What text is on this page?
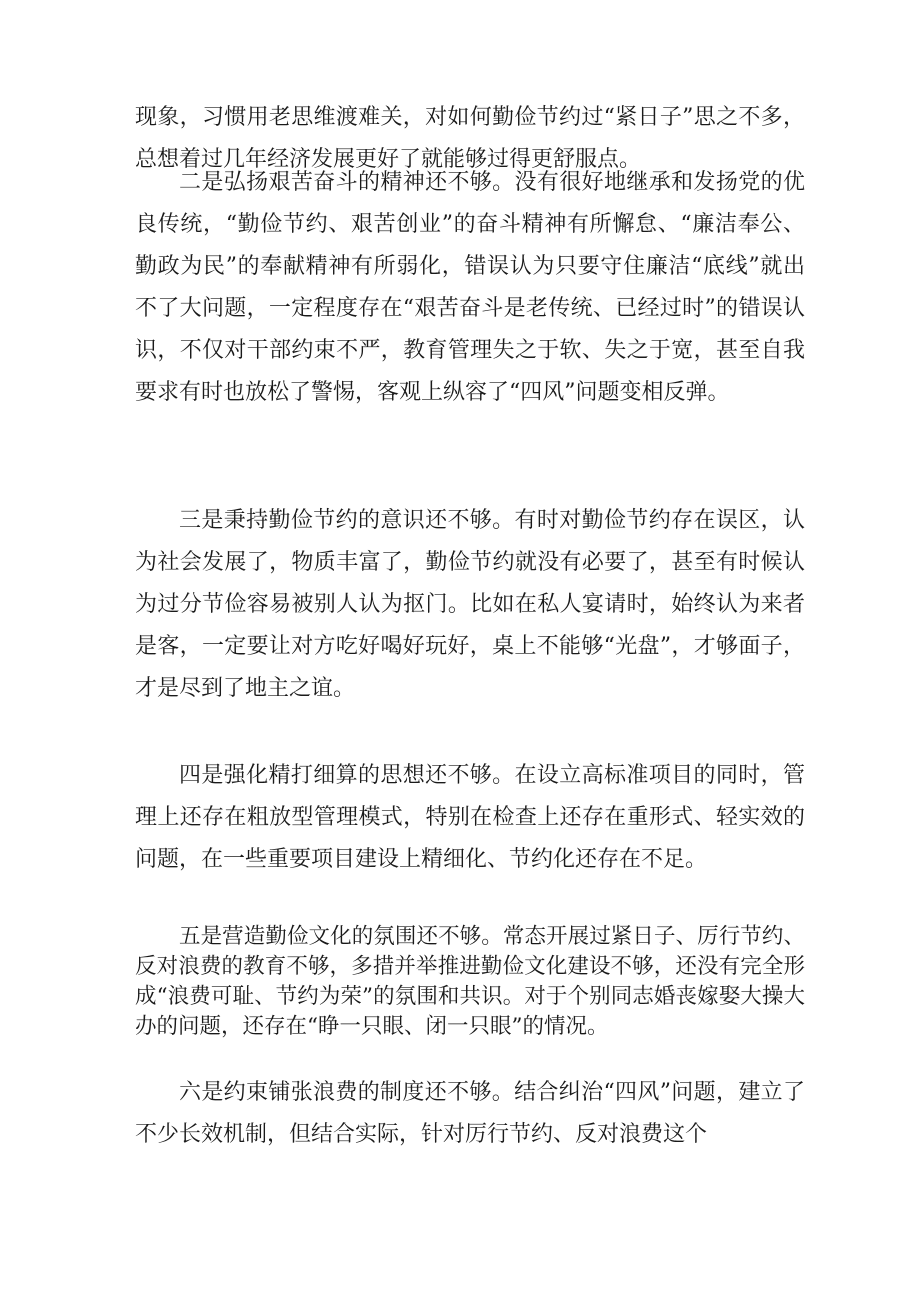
现象，习惯用老思维渡难关，对如何勤俭节约过“紧日子”思之不多，总想着过几年经济发展更好了就能够过得更舒服点。

二是弘扬艰苦奋斗的精神还不够。没有很好地继承和发扬党的优良传统，“勤俭节约、艰苦创业”的奋斗精神有所懈怠、“廉洁奉公、勤政为民”的奉献精神有所弱化，错误认为只要守住廉洁“底线”就出不了大问题，一定程度存在“艰苦奋斗是老传统、已经过时”的错误认识，不仅对干部约束不严，教育管理失之于软、失之于宽，甚至自我要求有时也放松了警惕，客观上纵容了“四风”问题变相反弹。

三是秉持勤俭节约的意识还不够。有时对勤俭节约存在误区，认为社会发展了，物质丰富了，勤俭节约就没有必要了，甚至有时候认为过分节俭容易被别人认为抠门。比如在私人宴请时，始终认为来者是客，一定要让对方吃好喝好玩好，桌上不能够“光盘”，才够面子，才是尽到了地主之谊。

四是强化精打细算的思想还不够。在设立高标准项目的同时，管理上还存在粗放型管理模式，特别在检查上还存在重形式、轻实效的问题，在一些重要项目建设上精细化、节约化还存在不足。

五是营造勤俭文化的氛围还不够。常态开展过紧日子、厉行节约、反对浪费的教育不够，多措并举推进勤俭文化建设不够，还没有完全形成“浪费可耻、节约为荣”的氛围和共识。对于个别同志婚丧嫁娶大操大办的问题，还存在“睁一只眼、闭一只眼”的情况。

六是约束铺张浪费的制度还不够。结合纠治“四风”问题，建立了不少长效机制，但结合实际，针对厉行节约、反对浪费这个
